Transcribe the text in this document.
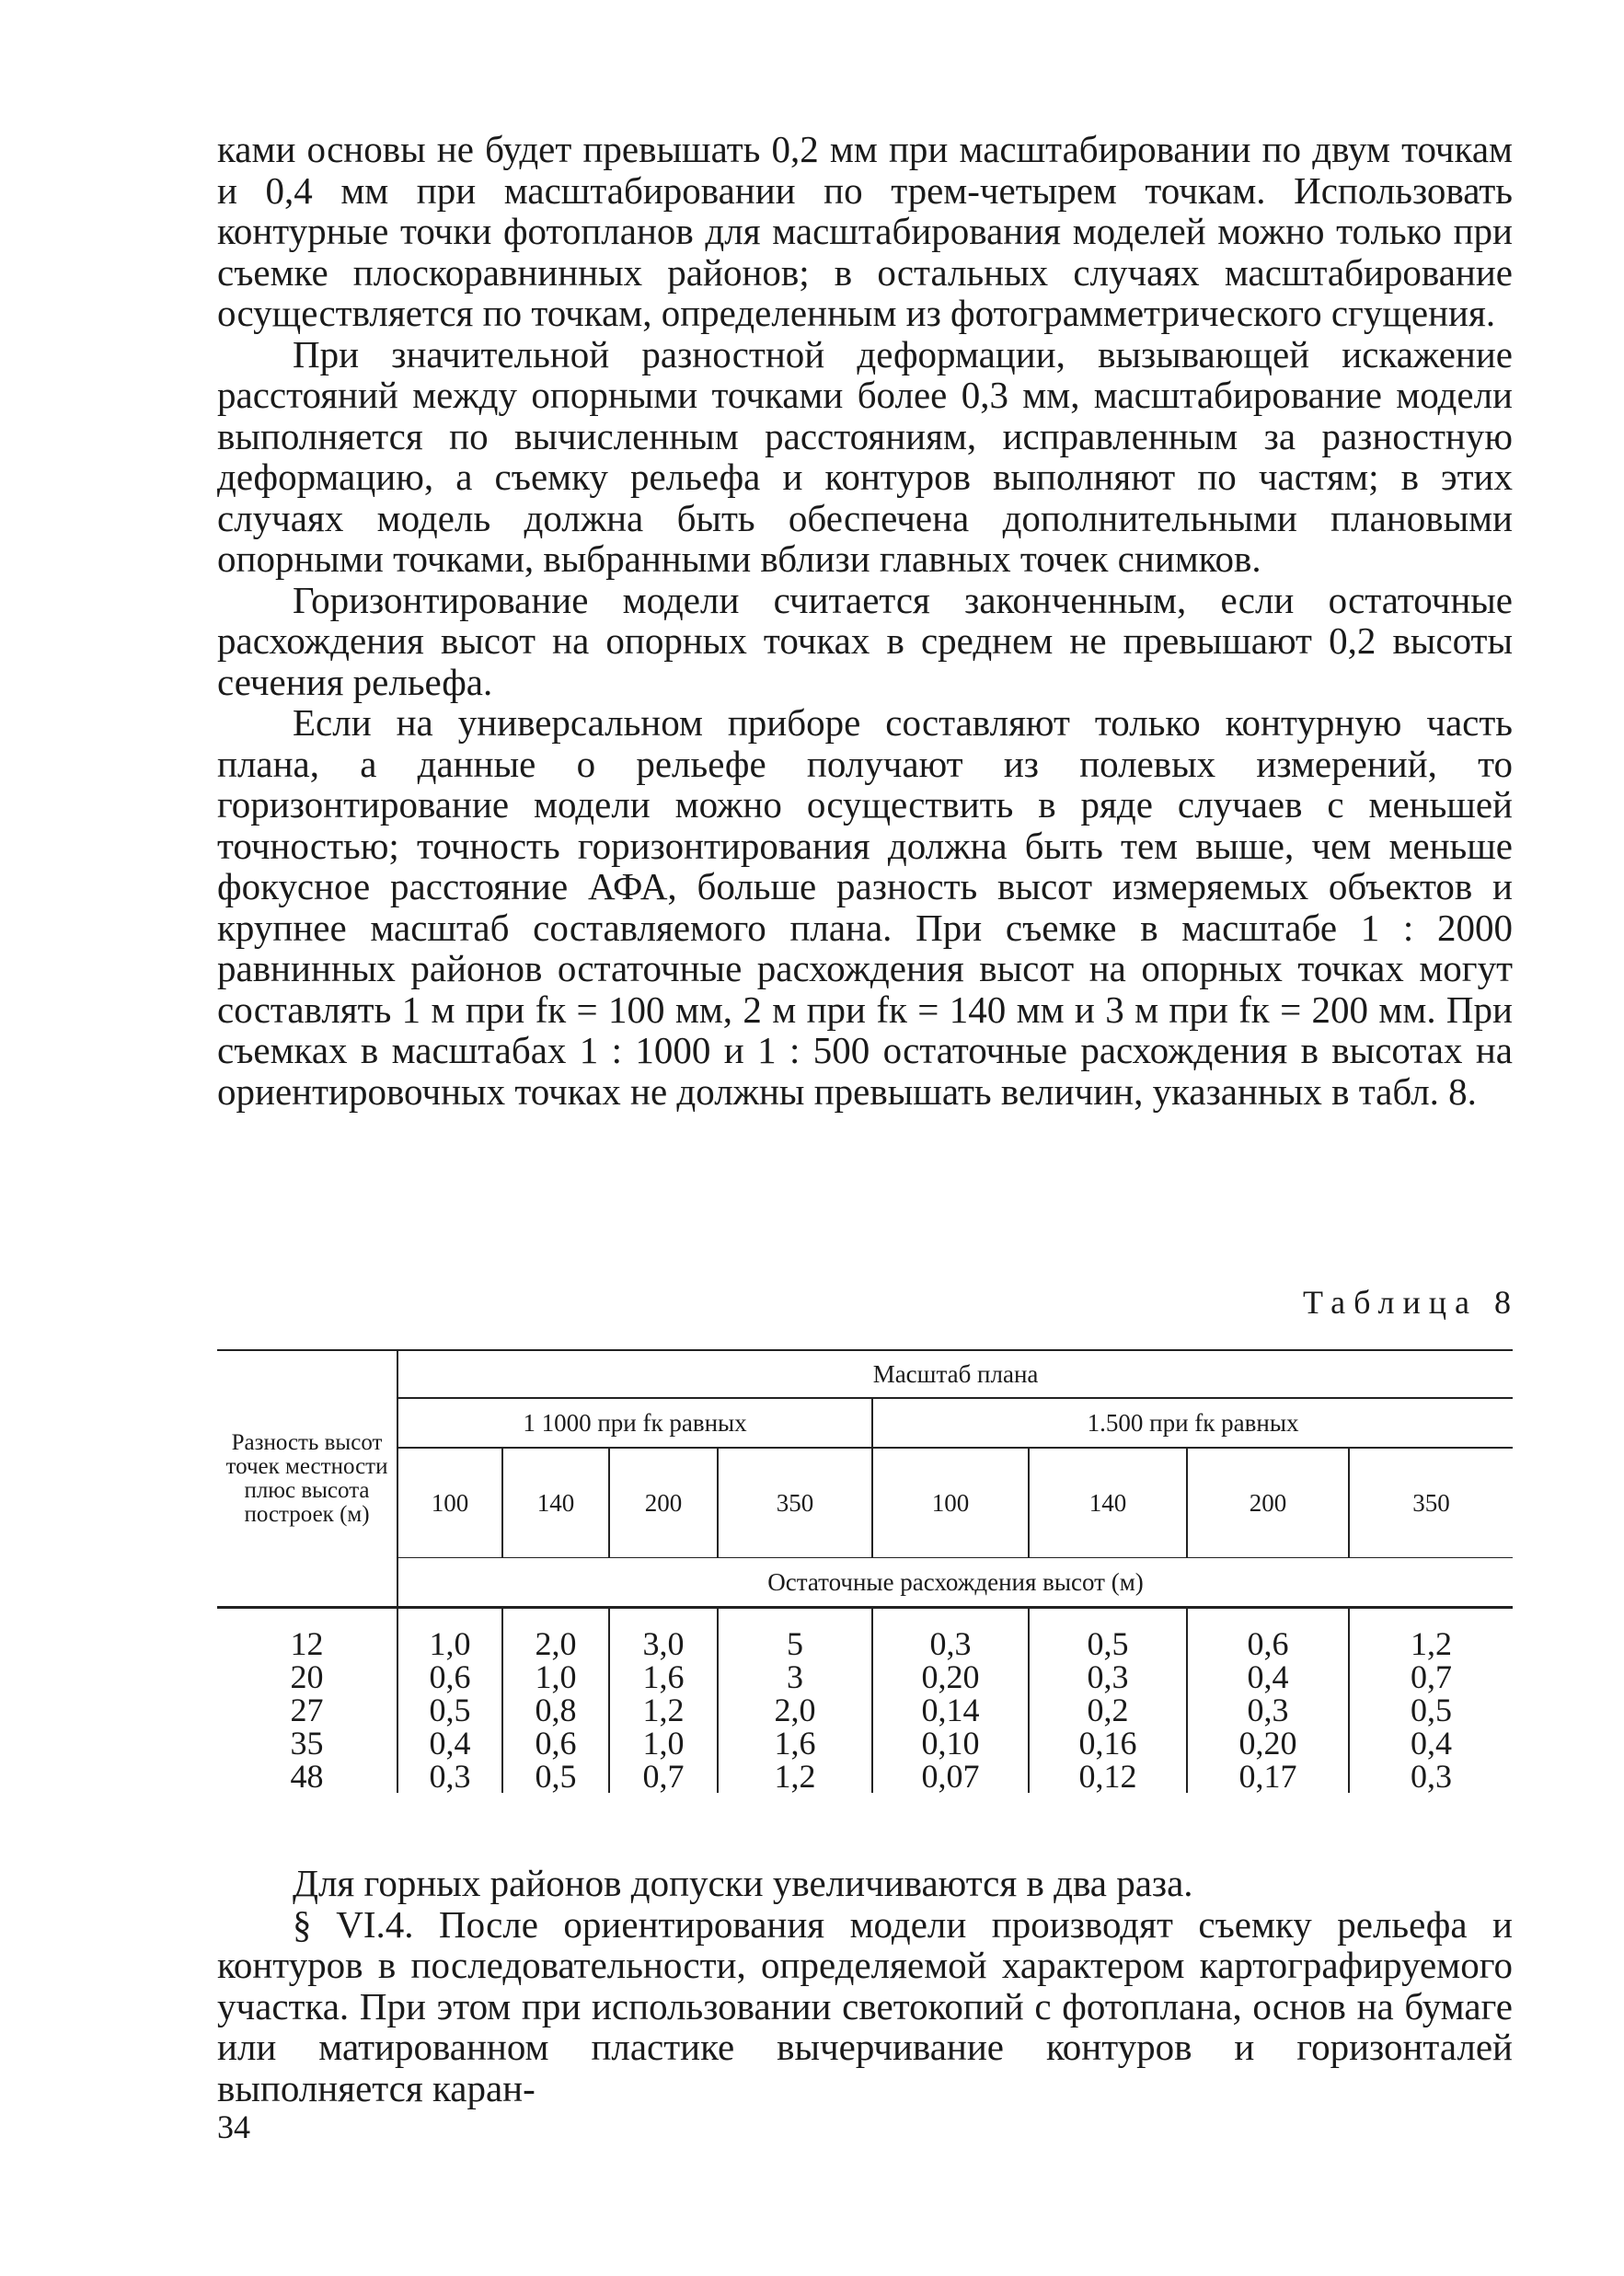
ками основы не будет превышать 0,2 мм при масштабировании по двум точкам и 0,4 мм при масштабировании по трем-четырем точкам. Использовать контурные точки фотопланов для масштабирования моделей можно только при съемке плоскоравнинных районов; в остальных случаях масштабирование осуществляется по точкам, определенным из фотограмметрического сгущения.

При значительной разностной деформации, вызывающей искажение расстояний между опорными точками более 0,3 мм, масштабирование модели выполняется по вычисленным расстояниям, исправленным за разностную деформацию, а съемку рельефа и контуров выполняют по частям; в этих случаях модель должна быть обеспечена дополнительными плановыми опорными точками, выбранными вблизи главных точек снимков.

Горизонтирование модели считается законченным, если остаточные расхождения высот на опорных точках в среднем не превышают 0,2 высоты сечения рельефа.

Если на универсальном приборе составляют только контурную часть плана, а данные о рельефе получают из полевых измерений, то горизонтирование модели можно осуществить в ряде случаев с меньшей точностью; точность горизонтирования должна быть тем выше, чем меньше фокусное расстояние АФА, больше разность высот измеряемых объектов и крупнее масштаб составляемого плана. При съемке в масштабе 1 : 2000 равнинных районов остаточные расхождения высот на опорных точках могут составлять 1 м при fк = 100 мм, 2 м при fк = 140 мм и 3 м при fк = 200 мм. При съемках в масштабах 1 : 1000 и 1 : 500 остаточные расхождения в высотах на ориентировочных точках не должны превышать величин, указанных в табл. 8.

Таблица 8
Разность высот точек местности плюс высота построек (м)	Масштаб плана							
	1 1000 при fк равных				1.500 при fк равных			
	100	140	200	350	100	140	200	350
	Остаточные расхождения высот (м)							
12	1,0	2,0	3,0	5	0,3	0,5	0,6	1,2
20	0,6	1,0	1,6	3	0,20	0,3	0,4	0,7
27	0,5	0,8	1,2	2,0	0,14	0,2	0,3	0,5
35	0,4	0,6	1,0	1,6	0,10	0,16	0,20	0,4
48	0,3	0,5	0,7	1,2	0,07	0,12	0,17	0,3

Для горных районов допуски увеличиваются в два раза.

§ VI.4. После ориентирования модели производят съемку рельефа и контуров в последовательности, определяемой характером картографируемого участка. При этом при использовании светокопий с фотоплана, основ на бумаге или матированном пластике вычерчивание контуров и горизонталей выполняется каран-

34
